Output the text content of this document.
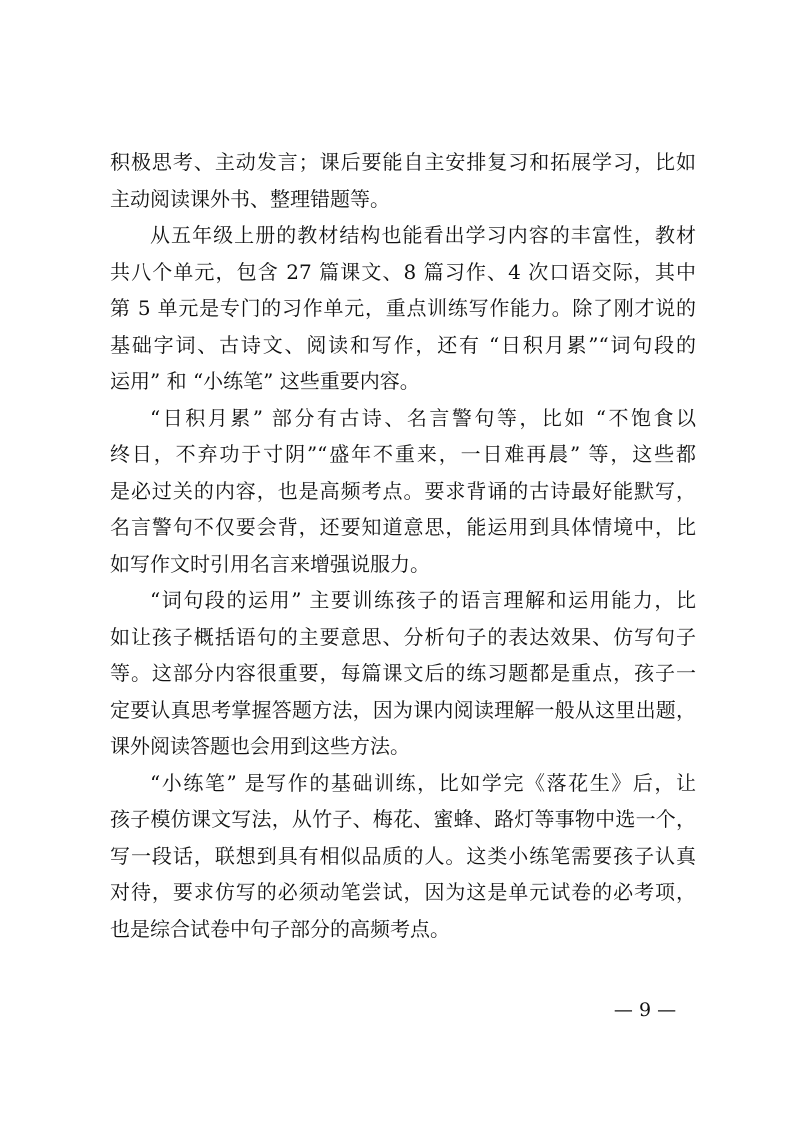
积极思考、主动发言；课后要能自主安排复习和拓展学习，比如
主动阅读课外书、整理错题等。
从五年级上册的教材结构也能看出学习内容的丰富性，教材
共八个单元，包含 27 篇课文、8 篇习作、4 次口语交际，其中
第 5 单元是专门的习作单元，重点训练写作能力。除了刚才说的
基础字词、古诗文、阅读和写作，还有 “日积月累”“词句段的
运用” 和 “小练笔” 这些重要内容。
“日积月累” 部分有古诗、名言警句等，比如 “不饱食以
终日，不弃功于寸阴”“盛年不重来，一日难再晨” 等，这些都
是必过关的内容，也是高频考点。要求背诵的古诗最好能默写，
名言警句不仅要会背，还要知道意思，能运用到具体情境中，比
如写作文时引用名言来增强说服力。
“词句段的运用” 主要训练孩子的语言理解和运用能力，比
如让孩子概括语句的主要意思、分析句子的表达效果、仿写句子
等。这部分内容很重要，每篇课文后的练习题都是重点，孩子一
定要认真思考掌握答题方法，因为课内阅读理解一般从这里出题，
课外阅读答题也会用到这些方法。
“小练笔” 是写作的基础训练，比如学完《落花生》后，让
孩子模仿课文写法，从竹子、梅花、蜜蜂、路灯等事物中选一个，
写一段话，联想到具有相似品质的人。这类小练笔需要孩子认真
对待，要求仿写的必须动笔尝试，因为这是单元试卷的必考项，
也是综合试卷中句子部分的高频考点。
— 9 —
